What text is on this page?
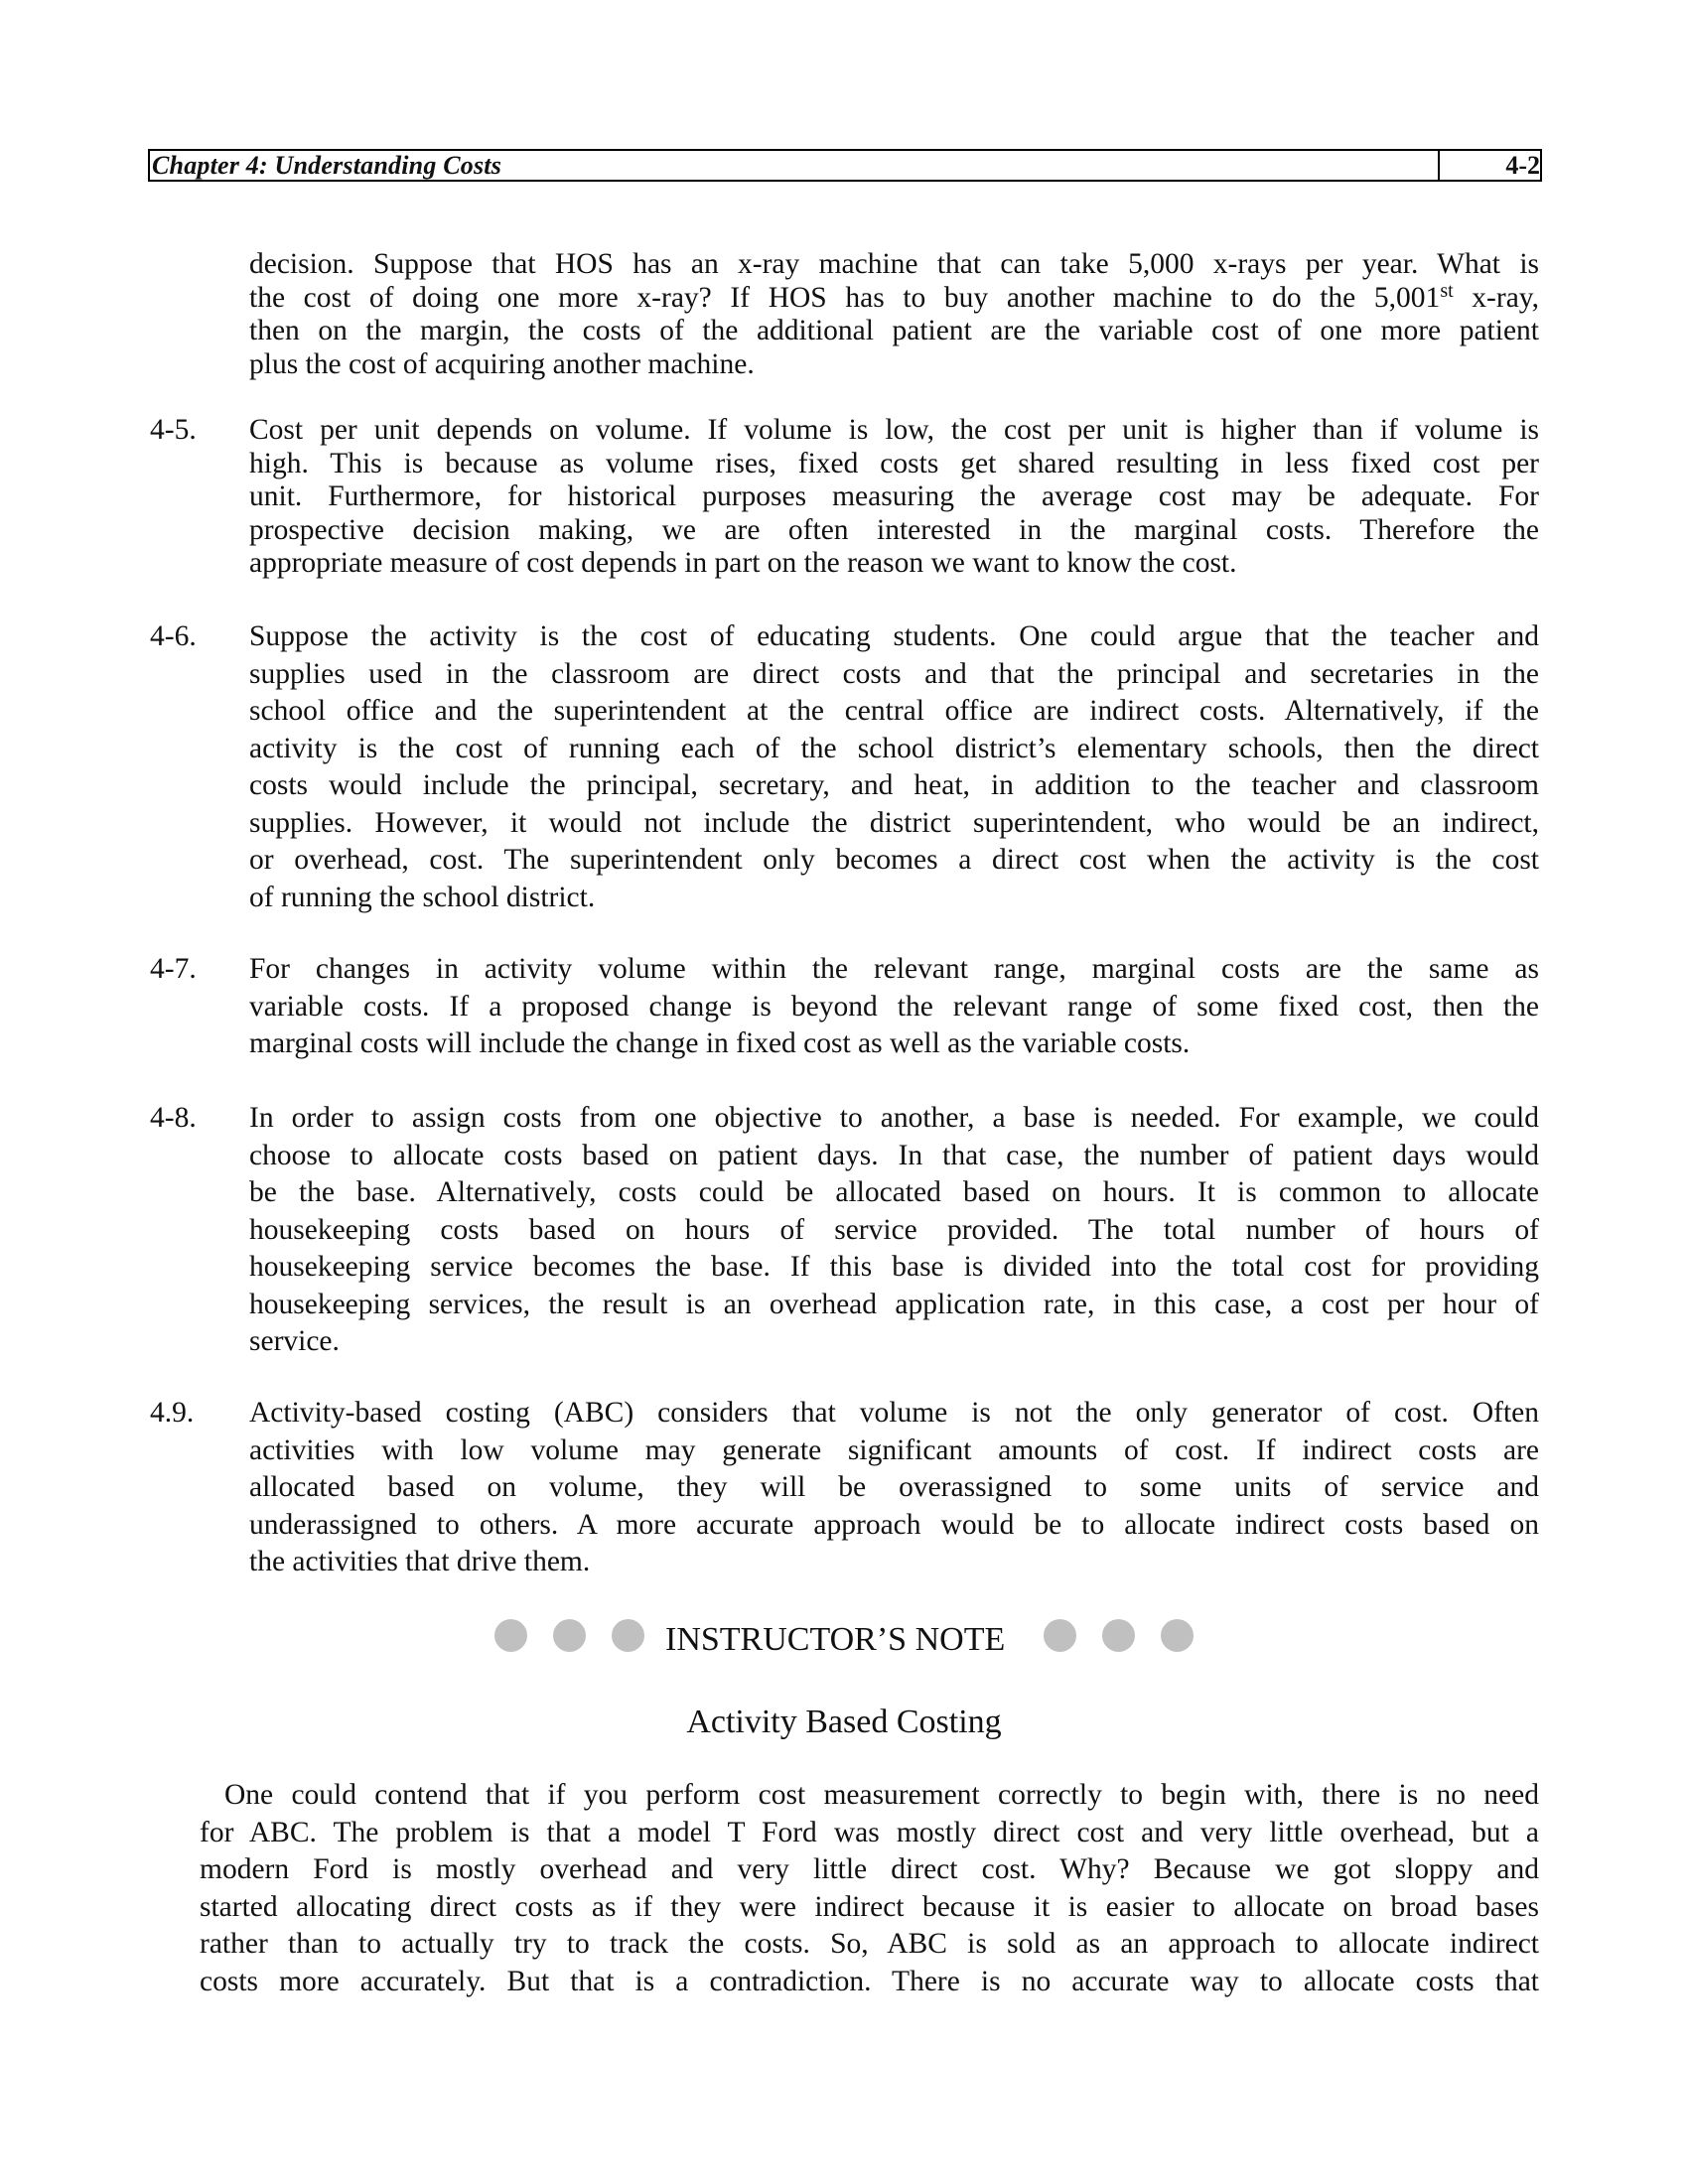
Chapter 4: Understanding Costs	4-2
decision. Suppose that HOS has an x-ray machine that can take 5,000 x-rays per year. What is
the cost of doing one more x-ray? If HOS has to buy another machine to do the 5,001st x-ray,
then on the margin, the costs of the additional patient are the variable cost of one more patient
plus the cost of acquiring another machine.
4-5. Cost per unit depends on volume. If volume is low, the cost per unit is higher than if volume is
high. This is because as volume rises, fixed costs get shared resulting in less fixed cost per
unit. Furthermore, for historical purposes measuring the average cost may be adequate. For
prospective decision making, we are often interested in the marginal costs. Therefore the
appropriate measure of cost depends in part on the reason we want to know the cost.
4-6. Suppose the activity is the cost of educating students. One could argue that the teacher and
supplies used in the classroom are direct costs and that the principal and secretaries in the
school office and the superintendent at the central office are indirect costs. Alternatively, if the
activity is the cost of running each of the school district’s elementary schools, then the direct
costs would include the principal, secretary, and heat, in addition to the teacher and classroom
supplies. However, it would not include the district superintendent, who would be an indirect,
or overhead, cost. The superintendent only becomes a direct cost when the activity is the cost
of running the school district.
4-7. For changes in activity volume within the relevant range, marginal costs are the same as
variable costs. If a proposed change is beyond the relevant range of some fixed cost, then the
marginal costs will include the change in fixed cost as well as the variable costs.
4-8. In order to assign costs from one objective to another, a base is needed. For example, we could
choose to allocate costs based on patient days. In that case, the number of patient days would
be the base. Alternatively, costs could be allocated based on hours. It is common to allocate
housekeeping costs based on hours of service provided. The total number of hours of
housekeeping service becomes the base. If this base is divided into the total cost for providing
housekeeping services, the result is an overhead application rate, in this case, a cost per hour of
service.
4.9. Activity-based costing (ABC) considers that volume is not the only generator of cost. Often
activities with low volume may generate significant amounts of cost. If indirect costs are
allocated based on volume, they will be overassigned to some units of service and
underassigned to others. A more accurate approach would be to allocate indirect costs based on
the activities that drive them.
INSTRUCTOR’S NOTE
Activity Based Costing
One could contend that if you perform cost measurement correctly to begin with, there is no need
for ABC. The problem is that a model T Ford was mostly direct cost and very little overhead, but a
modern Ford is mostly overhead and very little direct cost. Why? Because we got sloppy and
started allocating direct costs as if they were indirect because it is easier to allocate on broad bases
rather than to actually try to track the costs. So, ABC is sold as an approach to allocate indirect
costs more accurately. But that is a contradiction. There is no accurate way to allocate costs that
